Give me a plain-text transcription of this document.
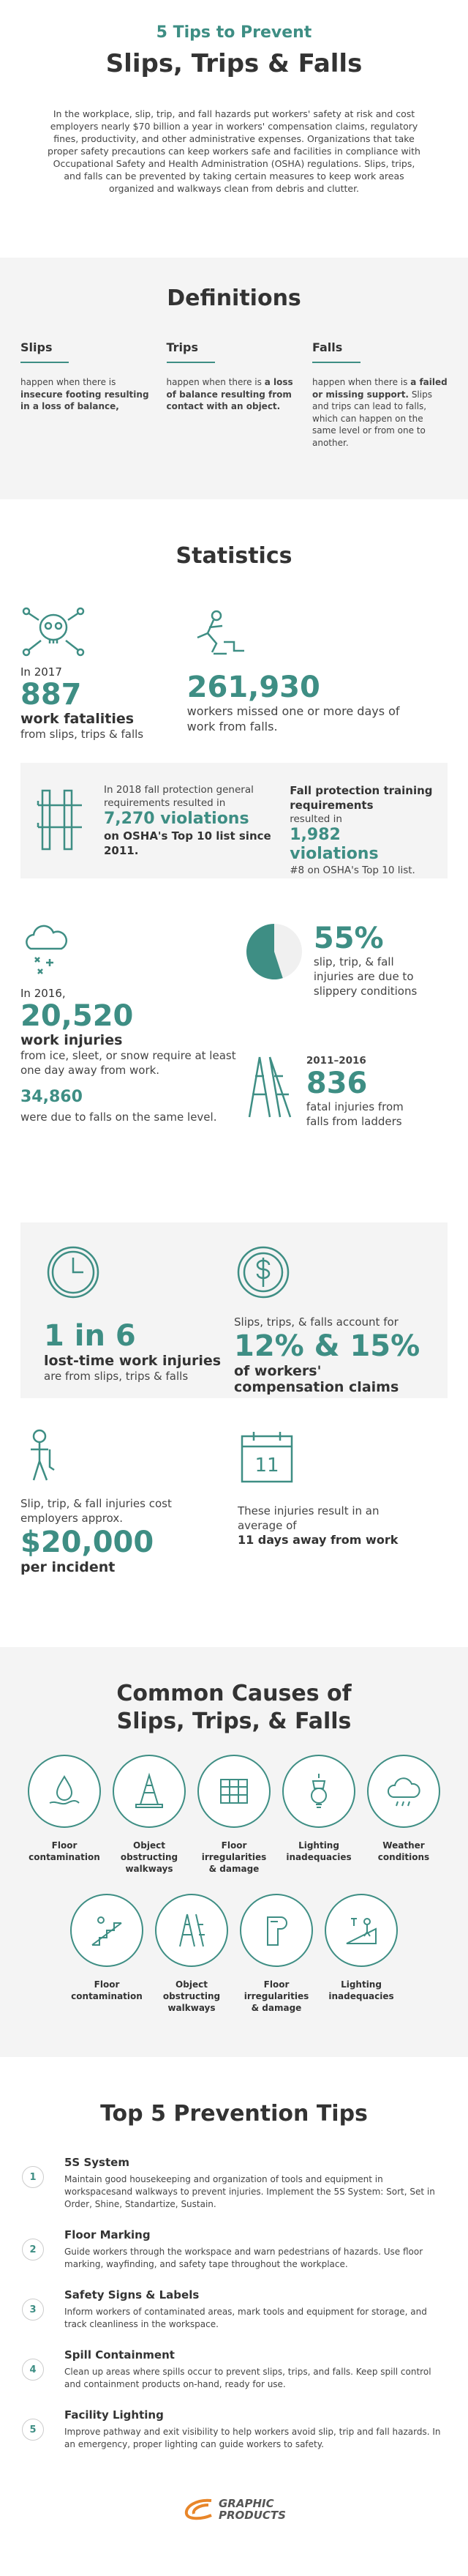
5 Tips to Prevent
Slips, Trips & Falls

In the workplace, slip, trip, and fall hazards put workers' safety at risk and cost employers nearly $70 billion a year in workers' compensation claims, regulatory fines, productivity, and other administrative expenses. Organizations that take proper safety precautions can keep workers safe and facilities in compliance with Occupational Safety and Health Administration (OSHA) regulations. Slips, trips, and falls can be prevented by taking certain measures to keep work areas organized and walkways clean from debris and clutter.

Definitions
Slips

happen when there is insecure footing resulting in a loss of balance,

Trips

happen when there is a loss of balance resulting from contact with an object.

Falls

happen when there is a failed or missing support. Slips and trips can lead to falls, which can happen on the same level or from one to another.

Statistics
In 2017
887
work fatalities
from slips, trips & falls
261,930
workers missed one or more days of work from falls.
In 2018 fall protection general requirements resulted in
7,270 violations
on OSHA's Top 10 list since 2011.
Fall protection training requirements
resulted in
1,982 violations
#8 on OSHA's Top 10 list.
In 2016,
20,520
work injuries
from ice, sleet, or snow require at least one day away from work.
34,860
were due to falls on the same level.
55%
slip, trip, & fall injuries are due to slippery conditions
2011–2016
836
fatal injuries from falls from ladders
1 in 6
lost-time work injuries
are from slips, trips & falls
Slips, trips, & falls account for
12% & 15%
of workers' compensation claims
Slip, trip, & fall injuries cost employers approx.
$20,000
per incident
11
These injuries result in an average of
11 days away from work
Common Causes of
Slips, Trips, & Falls
Floor contamination
Object obstructing walkways
Floor irregularities & damage
Lighting inadequacies
Weather conditions
Floor contamination
Object obstructing walkways
Floor irregularities & damage
Lighting inadequacies
Top 5 Prevention Tips
1
5S System
Maintain good housekeeping and organization of tools and equipment in workspacesand walkways to prevent injuries. Implement the 5S System: Sort, Set in Order, Shine, Standartize, Sustain.
2
Floor Marking
Guide workers through the workspace and warn pedestrians of hazards. Use floor marking, wayfinding, and safety tape throughout the workplace.
3
Safety Signs & Labels
Inform workers of contaminated areas, mark tools and equipment for storage, and track cleanliness in the workspace.
4
Spill Containment
Clean up areas where spills occur to prevent slips, trips, and falls. Keep spill control and containment products on-hand, ready for use.
5
Facility Lighting
Improve pathway and exit visibility to help workers avoid slip, trip and fall hazards. In an emergency, proper lighting can guide workers to safety.
GRAPHIC
PRODUCTS
